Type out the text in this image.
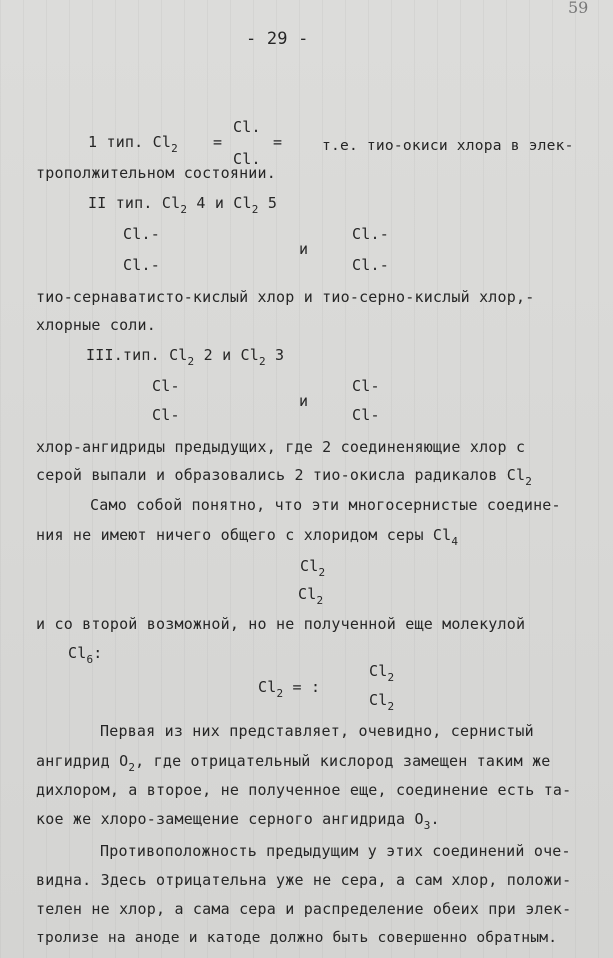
- 29 -
59
1 тип. $Cl_2$ =
Cl.
Cl.
=	т.е. тио-окиси хлора в элек-
трополжительном состоянии.
II тип. $Cl_2$ 4 и $Cl_2$ 5
Cl.-
Cl.-
и
Cl.-
Cl.-
тио-сернаватисто-кислый хлор и тио-серно-кислый хлор,-
хлорные соли.
III.тип. $Cl_2$ 2 и $Cl_2$ 3
Cl-
Cl-
и
Cl-
Cl-
хлор-ангидриды предыдущих, где 2 соединеняющие хлор с
серой выпали и образовались 2 тио-окисла радикалов $Cl_2$
Само собой понятно, что эти многосернистые соедине-
ния не имеют ничего общего с хлоридом серы $Cl_4$
$Cl_2$
$Cl_2$
и со второй возможной, но не полученной еще молекулой
$Cl_6$:
$Cl_2$ = :
$Cl_2$
$Cl_2$
Первая из них представляет, очевидно, сернистый
ангидрид $O_2$, где отрицательный кислород замещен таким же
дихлором, а второе, не полученное еще, соединение есть та-
кое же хлоро-замещение серного ангидрида $O_3$.
Противоположность предыдущим у этих соединений оче-
видна. Здесь отрицательна уже не сера, а сам хлор, положи-
телен не хлор, а сама сера и распределение обеих при элек-
тролизе на аноде и катоде должно быть совершенно обратным.
